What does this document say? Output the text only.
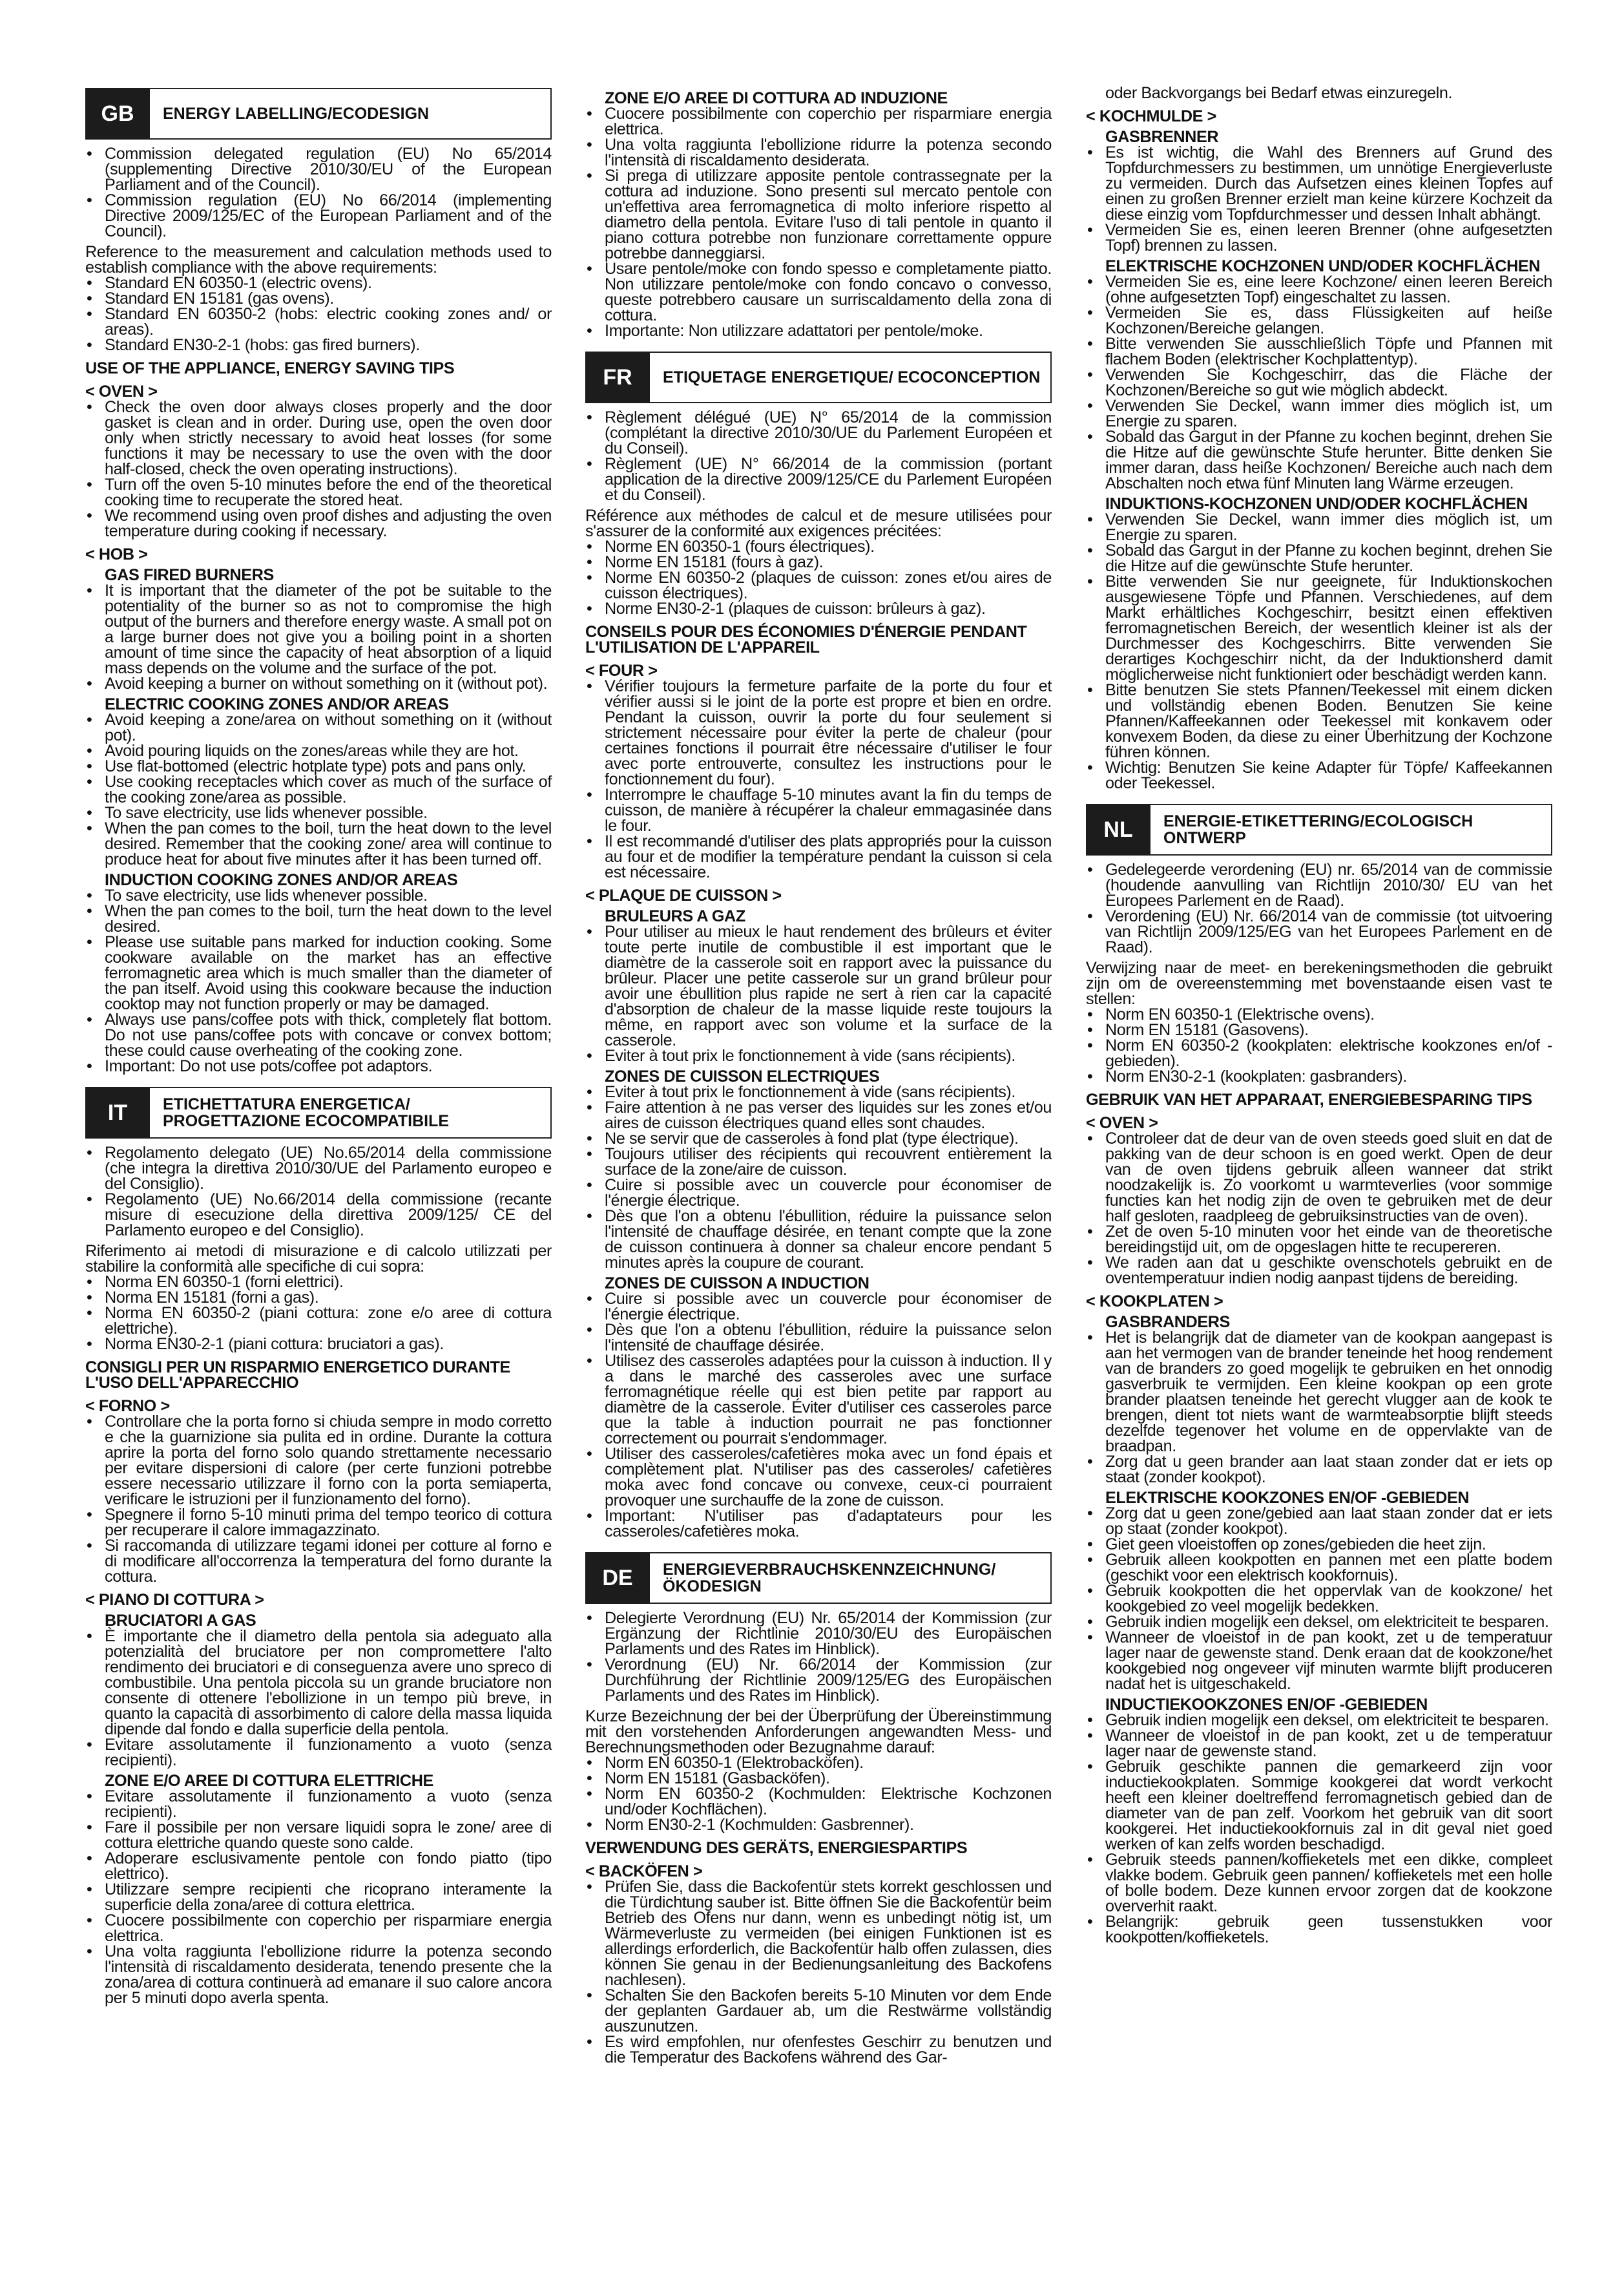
GB	ENERGY LABELLING/ECODESIGN
• Commission delegated regulation (EU) No 65/2014 (supplementing Directive 2010/30/EU of the European Parliament and of the Council).
• Commission regulation (EU) No 66/2014 (implementing Directive 2009/125/EC of the European Parliament and of the Council).
Reference to the measurement and calculation methods used to establish compliance with the above requirements:
• Standard EN 60350-1 (electric ovens).
• Standard EN 15181 (gas ovens).
• Standard EN 60350-2 (hobs: electric cooking zones and/ or areas).
• Standard EN30-2-1 (hobs: gas fired burners).
USE OF THE APPLIANCE, ENERGY SAVING TIPS
< OVEN >
• Check the oven door always closes properly and the door gasket is clean and in order. During use, open the oven door only when strictly necessary to avoid heat losses (for some functions it may be necessary to use the oven with the door half-closed, check the oven operating instructions).
• Turn off the oven 5-10 minutes before the end of the theoretical cooking time to recuperate the stored heat.
• We recommend using oven proof dishes and adjusting the oven temperature during cooking if necessary.
< HOB >
GAS FIRED BURNERS
• It is important that the diameter of the pot be suitable to the potentiality of the burner so as not to compromise the high output of the burners and therefore energy waste. A small pot on a large burner does not give you a boiling point in a shorten amount of time since the capacity of heat absorption of a liquid mass depends on the volume and the surface of the pot.
• Avoid keeping a burner on without something on it (without pot).
ELECTRIC COOKING ZONES AND/OR AREAS
• Avoid keeping a zone/area on without something on it (without pot).
• Avoid pouring liquids on the zones/areas while they are hot.
• Use flat-bottomed (electric hotplate type) pots and pans only.
• Use cooking receptacles which cover as much of the surface of the cooking zone/area as possible.
• To save electricity, use lids whenever possible.
• When the pan comes to the boil, turn the heat down to the level desired. Remember that the cooking zone/ area will continue to produce heat for about five minutes after it has been turned off.
INDUCTION COOKING ZONES AND/OR AREAS
• To save electricity, use lids whenever possible.
• When the pan comes to the boil, turn the heat down to the level desired.
• Please use suitable pans marked for induction cooking. Some cookware available on the market has an effective ferromagnetic area which is much smaller than the diameter of the pan itself. Avoid using this cookware because the induction cooktop may not function properly or may be damaged.
• Always use pans/coffee pots with thick, completely flat bottom. Do not use pans/coffee pots with concave or convex bottom; these could cause overheating of the cooking zone.
• Important: Do not use pots/coffee pot adaptors.
IT	ETICHETTATURA ENERGETICA/ PROGETTAZIONE ECOCOMPATIBILE
• Regolamento delegato (UE) No.65/2014 della commissione (che integra la direttiva 2010/30/UE del Parlamento europeo e del Consiglio).
• Regolamento (UE) No.66/2014 della commissione (recante misure di esecuzione della direttiva 2009/125/ CE del Parlamento europeo e del Consiglio).
Riferimento ai metodi di misurazione e di calcolo utilizzati per stabilire la conformità alle specifiche di cui sopra:
• Norma EN 60350-1 (forni elettrici).
• Norma EN 15181 (forni a gas).
• Norma EN 60350-2 (piani cottura: zone e/o aree di cottura elettriche).
• Norma EN30-2-1 (piani cottura: bruciatori a gas).
CONSIGLI PER UN RISPARMIO ENERGETICO DURANTE L'USO DELL'APPARECCHIO
< FORNO >
• Controllare che la porta forno si chiuda sempre in modo corretto e che la guarnizione sia pulita ed in ordine. Durante la cottura aprire la porta del forno solo quando strettamente necessario per evitare dispersioni di calore (per certe funzioni potrebbe essere necessario utilizzare il forno con la porta semiaperta, verificare le istruzioni per il funzionamento del forno).
• Spegnere il forno 5-10 minuti prima del tempo teorico di cottura per recuperare il calore immagazzinato.
• Si raccomanda di utilizzare tegami idonei per cotture al forno e di modificare all'occorrenza la temperatura del forno durante la cottura.
< PIANO DI COTTURA >
BRUCIATORI A GAS
• È importante che il diametro della pentola sia adeguato alla potenzialità del bruciatore per non compromettere l'alto rendimento dei bruciatori e di conseguenza avere uno spreco di combustibile. Una pentola piccola su un grande bruciatore non consente di ottenere l'ebollizione in un tempo più breve, in quanto la capacità di assorbimento di calore della massa liquida dipende dal fondo e dalla superficie della pentola.
• Evitare assolutamente il funzionamento a vuoto (senza recipienti).
ZONE E/O AREE DI COTTURA ELETTRICHE
• Evitare assolutamente il funzionamento a vuoto (senza recipienti).
• Fare il possibile per non versare liquidi sopra le zone/ aree di cottura elettriche quando queste sono calde.
• Adoperare esclusivamente pentole con fondo piatto (tipo elettrico).
• Utilizzare sempre recipienti che ricoprano interamente la superficie della zona/aree di cottura elettrica.
• Cuocere possibilmente con coperchio per risparmiare energia elettrica.
• Una volta raggiunta l'ebollizione ridurre la potenza secondo l'intensità di riscaldamento desiderata, tenendo presente che la zona/area di cottura continuerà ad emanare il suo calore ancora per 5 minuti dopo averla spenta.
ZONE E/O AREE DI COTTURA AD INDUZIONE
• Cuocere possibilmente con coperchio per risparmiare energia elettrica.
• Una volta raggiunta l'ebollizione ridurre la potenza secondo l'intensità di riscaldamento desiderata.
• Si prega di utilizzare apposite pentole contrassegnate per la cottura ad induzione. Sono presenti sul mercato pentole con un'effettiva area ferromagnetica di molto inferiore rispetto al diametro della pentola. Evitare l'uso di tali pentole in quanto il piano cottura potrebbe non funzionare correttamente oppure potrebbe danneggiarsi.
• Usare pentole/moke con fondo spesso e completamente piatto. Non utilizzare pentole/moke con fondo concavo o convesso, queste potrebbero causare un surriscaldamento della zona di cottura.
• Importante: Non utilizzare adattatori per pentole/moke.
FR	ETIQUETAGE ENERGETIQUE/ ECOCONCEPTION
• Règlement délégué (UE) N° 65/2014 de la commission (complétant la directive 2010/30/UE du Parlement Européen et du Conseil).
• Règlement (UE) N° 66/2014 de la commission (portant application de la directive 2009/125/CE du Parlement Européen et du Conseil).
Référence aux méthodes de calcul et de mesure utilisées pour s'assurer de la conformité aux exigences précitées:
• Norme EN 60350-1 (fours électriques).
• Norme EN 15181 (fours à gaz).
• Norme EN 60350-2 (plaques de cuisson: zones et/ou aires de cuisson électriques).
• Norme EN30-2-1 (plaques de cuisson: brûleurs à gaz).
CONSEILS POUR DES ÉCONOMIES D'ÉNERGIE PENDANT L'UTILISATION DE L'APPAREIL
< FOUR >
• Vérifier toujours la fermeture parfaite de la porte du four et vérifier aussi si le joint de la porte est propre et bien en ordre. Pendant la cuisson, ouvrir la porte du four seulement si strictement nécessaire pour éviter la perte de chaleur (pour certaines fonctions il pourrait être nécessaire d'utiliser le four avec porte entrouverte, consultez les instructions pour le fonctionnement du four).
• Interrompre le chauffage 5-10 minutes avant la fin du temps de cuisson, de manière à récupérer la chaleur emmagasinée dans le four.
• Il est recommandé d'utiliser des plats appropriés pour la cuisson au four et de modifier la température pendant la cuisson si cela est nécessaire.
< PLAQUE DE CUISSON >
BRULEURS A GAZ
• Pour utiliser au mieux le haut rendement des brûleurs et éviter toute perte inutile de combustible il est important que le diamètre de la casserole soit en rapport avec la puissance du brûleur. Placer une petite casserole sur un grand brûleur pour avoir une ébullition plus rapide ne sert à rien car la capacité d'absorption de chaleur de la masse liquide reste toujours la même, en rapport avec son volume et la surface de la casserole.
• Eviter à tout prix le fonctionnement à vide (sans récipients).
ZONES DE CUISSON ELECTRIQUES
• Eviter à tout prix le fonctionnement à vide (sans récipients).
• Faire attention à ne pas verser des liquides sur les zones et/ou aires de cuisson électriques quand elles sont chaudes.
• Ne se servir que de casseroles à fond plat (type électrique).
• Toujours utiliser des récipients qui recouvrent entièrement la surface de la zone/aire de cuisson.
• Cuire si possible avec un couvercle pour économiser de l'énergie électrique.
• Dès que l'on a obtenu l'ébullition, réduire la puissance selon l'intensité de chauffage désirée, en tenant compte que la zone de cuisson continuera à donner sa chaleur encore pendant 5 minutes après la coupure de courant.
ZONES DE CUISSON A INDUCTION
• Cuire si possible avec un couvercle pour économiser de l'énergie électrique.
• Dès que l'on a obtenu l'ébullition, réduire la puissance selon l'intensité de chauffage désirée.
• Utilisez des casseroles adaptées pour la cuisson à induction. Il y a dans le marché des casseroles avec une surface ferromagnétique réelle qui est bien petite par rapport au diamètre de la casserole. Éviter d'utiliser ces casseroles parce que la table à induction pourrait ne pas fonctionner correctement ou pourrait s'endommager.
• Utiliser des casseroles/cafetières moka avec un fond épais et complètement plat. N'utiliser pas des casseroles/ cafetières moka avec fond concave ou convexe, ceux-ci pourraient provoquer une surchauffe de la zone de cuisson.
• Important: N'utiliser pas d'adaptateurs pour les casseroles/cafetières moka.
DE	ENERGIEVERBRAUCHSKENNZEICHNUNG/ ÖKODESIGN
• Delegierte Verordnung (EU) Nr. 65/2014 der Kommission (zur Ergänzung der Richtlinie 2010/30/EU des Europäischen Parlaments und des Rates im Hinblick).
• Verordnung (EU) Nr. 66/2014 der Kommission (zur Durchführung der Richtlinie 2009/125/EG des Europäischen Parlaments und des Rates im Hinblick).
Kurze Bezeichnung der bei der Überprüfung der Übereinstimmung mit den vorstehenden Anforderungen angewandten Mess- und Berechnungsmethoden oder Bezugnahme darauf:
• Norm EN 60350-1 (Elektrobacköfen).
• Norm EN 15181 (Gasbacköfen).
• Norm EN 60350-2 (Kochmulden: Elektrische Kochzonen und/oder Kochflächen).
• Norm EN30-2-1 (Kochmulden: Gasbrenner).
VERWENDUNG DES GERÄTS, ENERGIESPARTIPS
< BACKÖFEN >
• Prüfen Sie, dass die Backofentür stets korrekt geschlossen und die Türdichtung sauber ist. Bitte öffnen Sie die Backofentür beim Betrieb des Ofens nur dann, wenn es unbedingt nötig ist, um Wärmeverluste zu vermeiden (bei einigen Funktionen ist es allerdings erforderlich, die Backofentür halb offen zulassen, dies können Sie genau in der Bedienungsanleitung des Backofens nachlesen).
• Schalten Sie den Backofen bereits 5-10 Minuten vor dem Ende der geplanten Gardauer ab, um die Restwärme vollständig auszunutzen.
• Es wird empfohlen, nur ofenfestes Geschirr zu benutzen und die Temperatur des Backofens während des Gar-
oder Backvorgangs bei Bedarf etwas einzuregeln.
< KOCHMULDE >
GASBRENNER
• Es ist wichtig, die Wahl des Brenners auf Grund des Topfdurchmessers zu bestimmen, um unnötige Energieverluste zu vermeiden. Durch das Aufsetzen eines kleinen Topfes auf einen zu großen Brenner erzielt man keine kürzere Kochzeit da diese einzig vom Topfdurchmesser und dessen Inhalt abhängt.
• Vermeiden Sie es, einen leeren Brenner (ohne aufgesetzten Topf) brennen zu lassen.
ELEKTRISCHE KOCHZONEN UND/ODER KOCHFLÄCHEN
• Vermeiden Sie es, eine leere Kochzone/ einen leeren Bereich (ohne aufgesetzten Topf) eingeschaltet zu lassen.
• Vermeiden Sie es, dass Flüssigkeiten auf heiße Kochzonen/Bereiche gelangen.
• Bitte verwenden Sie ausschließlich Töpfe und Pfannen mit flachem Boden (elektrischer Kochplattentyp).
• Verwenden Sie Kochgeschirr, das die Fläche der Kochzonen/Bereiche so gut wie möglich abdeckt.
• Verwenden Sie Deckel, wann immer dies möglich ist, um Energie zu sparen.
• Sobald das Gargut in der Pfanne zu kochen beginnt, drehen Sie die Hitze auf die gewünschte Stufe herunter. Bitte denken Sie immer daran, dass heiße Kochzonen/ Bereiche auch nach dem Abschalten noch etwa fünf Minuten lang Wärme erzeugen.
INDUKTIONS-KOCHZONEN UND/ODER KOCHFLÄCHEN
• Verwenden Sie Deckel, wann immer dies möglich ist, um Energie zu sparen.
• Sobald das Gargut in der Pfanne zu kochen beginnt, drehen Sie die Hitze auf die gewünschte Stufe herunter.
• Bitte verwenden Sie nur geeignete, für Induktionskochen ausgewiesene Töpfe und Pfannen. Verschiedenes, auf dem Markt erhältliches Kochgeschirr, besitzt einen effektiven ferromagnetischen Bereich, der wesentlich kleiner ist als der Durchmesser des Kochgeschirrs. Bitte verwenden Sie derartiges Kochgeschirr nicht, da der Induktionsherd damit möglicherweise nicht funktioniert oder beschädigt werden kann.
• Bitte benutzen Sie stets Pfannen/Teekessel mit einem dicken und vollständig ebenen Boden. Benutzen Sie keine Pfannen/Kaffeekannen oder Teekessel mit konkavem oder konvexem Boden, da diese zu einer Überhitzung der Kochzone führen können.
• Wichtig: Benutzen Sie keine Adapter für Töpfe/ Kaffeekannen oder Teekessel.
NL	ENERGIE-ETIKETTERING/ECOLOGISCH ONTWERP
• Gedelegeerde verordening (EU) nr. 65/2014 van de commissie (houdende aanvulling van Richtlijn 2010/30/ EU van het Europees Parlement en de Raad).
• Verordening (EU) Nr. 66/2014 van de commissie (tot uitvoering van Richtlijn 2009/125/EG van het Europees Parlement en de Raad).
Verwijzing naar de meet- en berekeningsmethoden die gebruikt zijn om de overeenstemming met bovenstaande eisen vast te stellen:
• Norm EN 60350-1 (Elektrische ovens).
• Norm EN 15181 (Gasovens).
• Norm EN 60350-2 (kookplaten: elektrische kookzones en/of -gebieden).
• Norm EN30-2-1 (kookplaten: gasbranders).
GEBRUIK VAN HET APPARAAT, ENERGIEBESPARING TIPS
< OVEN >
• Controleer dat de deur van de oven steeds goed sluit en dat de pakking van de deur schoon is en goed werkt. Open de deur van de oven tijdens gebruik alleen wanneer dat strikt noodzakelijk is. Zo voorkomt u warmteverlies (voor sommige functies kan het nodig zijn de oven te gebruiken met de deur half gesloten, raadpleeg de gebruiksinstructies van de oven).
• Zet de oven 5-10 minuten voor het einde van de theoretische bereidingstijd uit, om de opgeslagen hitte te recupereren.
• We raden aan dat u geschikte ovenschotels gebruikt en de oventemperatuur indien nodig aanpast tijdens de bereiding.
< KOOKPLATEN >
GASBRANDERS
• Het is belangrijk dat de diameter van de kookpan aangepast is aan het vermogen van de brander teneinde het hoog rendement van de branders zo goed mogelijk te gebruiken en het onnodig gasverbruik te vermijden. Een kleine kookpan op een grote brander plaatsen teneinde het gerecht vlugger aan de kook te brengen, dient tot niets want de warmteabsorptie blijft steeds dezelfde tegenover het volume en de oppervlakte van de braadpan.
• Zorg dat u geen brander aan laat staan zonder dat er iets op staat (zonder kookpot).
ELEKTRISCHE KOOKZONES EN/OF -GEBIEDEN
• Zorg dat u geen zone/gebied aan laat staan zonder dat er iets op staat (zonder kookpot).
• Giet geen vloeistoffen op zones/gebieden die heet zijn.
• Gebruik alleen kookpotten en pannen met een platte bodem (geschikt voor een elektrisch kookfornuis).
• Gebruik kookpotten die het oppervlak van de kookzone/ het kookgebied zo veel mogelijk bedekken.
• Gebruik indien mogelijk een deksel, om elektriciteit te besparen.
• Wanneer de vloeistof in de pan kookt, zet u de temperatuur lager naar de gewenste stand. Denk eraan dat de kookzone/het kookgebied nog ongeveer vijf minuten warmte blijft produceren nadat het is uitgeschakeld.
INDUCTIEKOOKZONES EN/OF -GEBIEDEN
• Gebruik indien mogelijk een deksel, om elektriciteit te besparen.
• Wanneer de vloeistof in de pan kookt, zet u de temperatuur lager naar de gewenste stand.
• Gebruik geschikte pannen die gemarkeerd zijn voor inductiekookplaten. Sommige kookgerei dat wordt verkocht heeft een kleiner doeltreffend ferromagnetisch gebied dan de diameter van de pan zelf. Voorkom het gebruik van dit soort kookgerei. Het inductiekookfornuis zal in dit geval niet goed werken of kan zelfs worden beschadigd.
• Gebruik steeds pannen/koffieketels met een dikke, compleet vlakke bodem. Gebruik geen pannen/ koffieketels met een holle of bolle bodem. Deze kunnen ervoor zorgen dat de kookzone oververhit raakt.
• Belangrijk: gebruik geen tussenstukken voor kookpotten/koffieketels.
